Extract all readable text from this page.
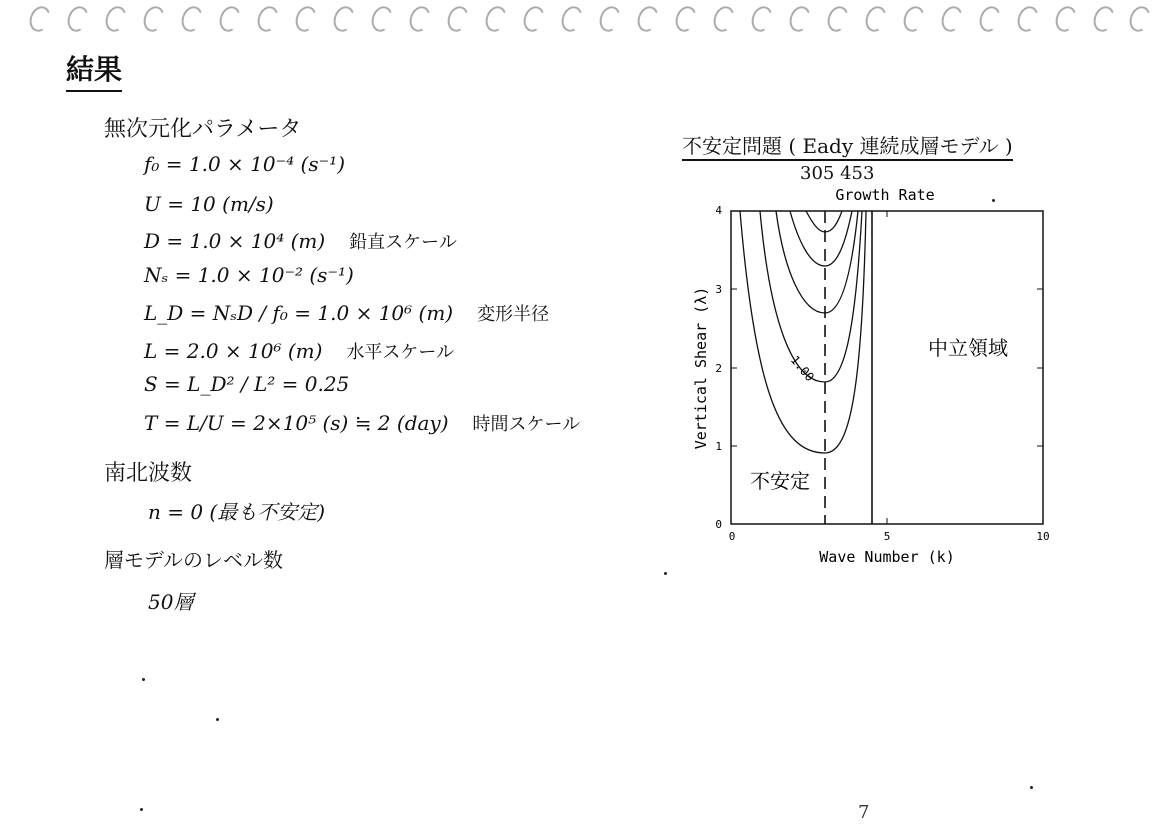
結果
無次元化パラメータ
f₀ = 1.0 × 10⁻⁴ (s⁻¹)
U = 10 (m/s)
D = 1.0 × 10⁴ (m) 鉛直スケール
Nₛ = 1.0 × 10⁻² (s⁻¹)
L_D = NₛD / f₀ = 1.0 × 10⁶ (m) 変形半径
L = 2.0 × 10⁶ (m) 水平スケール
S = L_D² / L² = 0.25
T = L/U = 2×10⁵ (s) ≒ 2 (day) 時間スケール
南北波数
n = 0 (最も不安定)
層モデルのレベル数
50層
不安定問題 ( Eady 連続成層モデル )
305 453
Growth Rate
0
1
2
3
4
0	5	10
1.00
不安定
中立領域
Wave Number (k)
Vertical Shear (λ)
7
